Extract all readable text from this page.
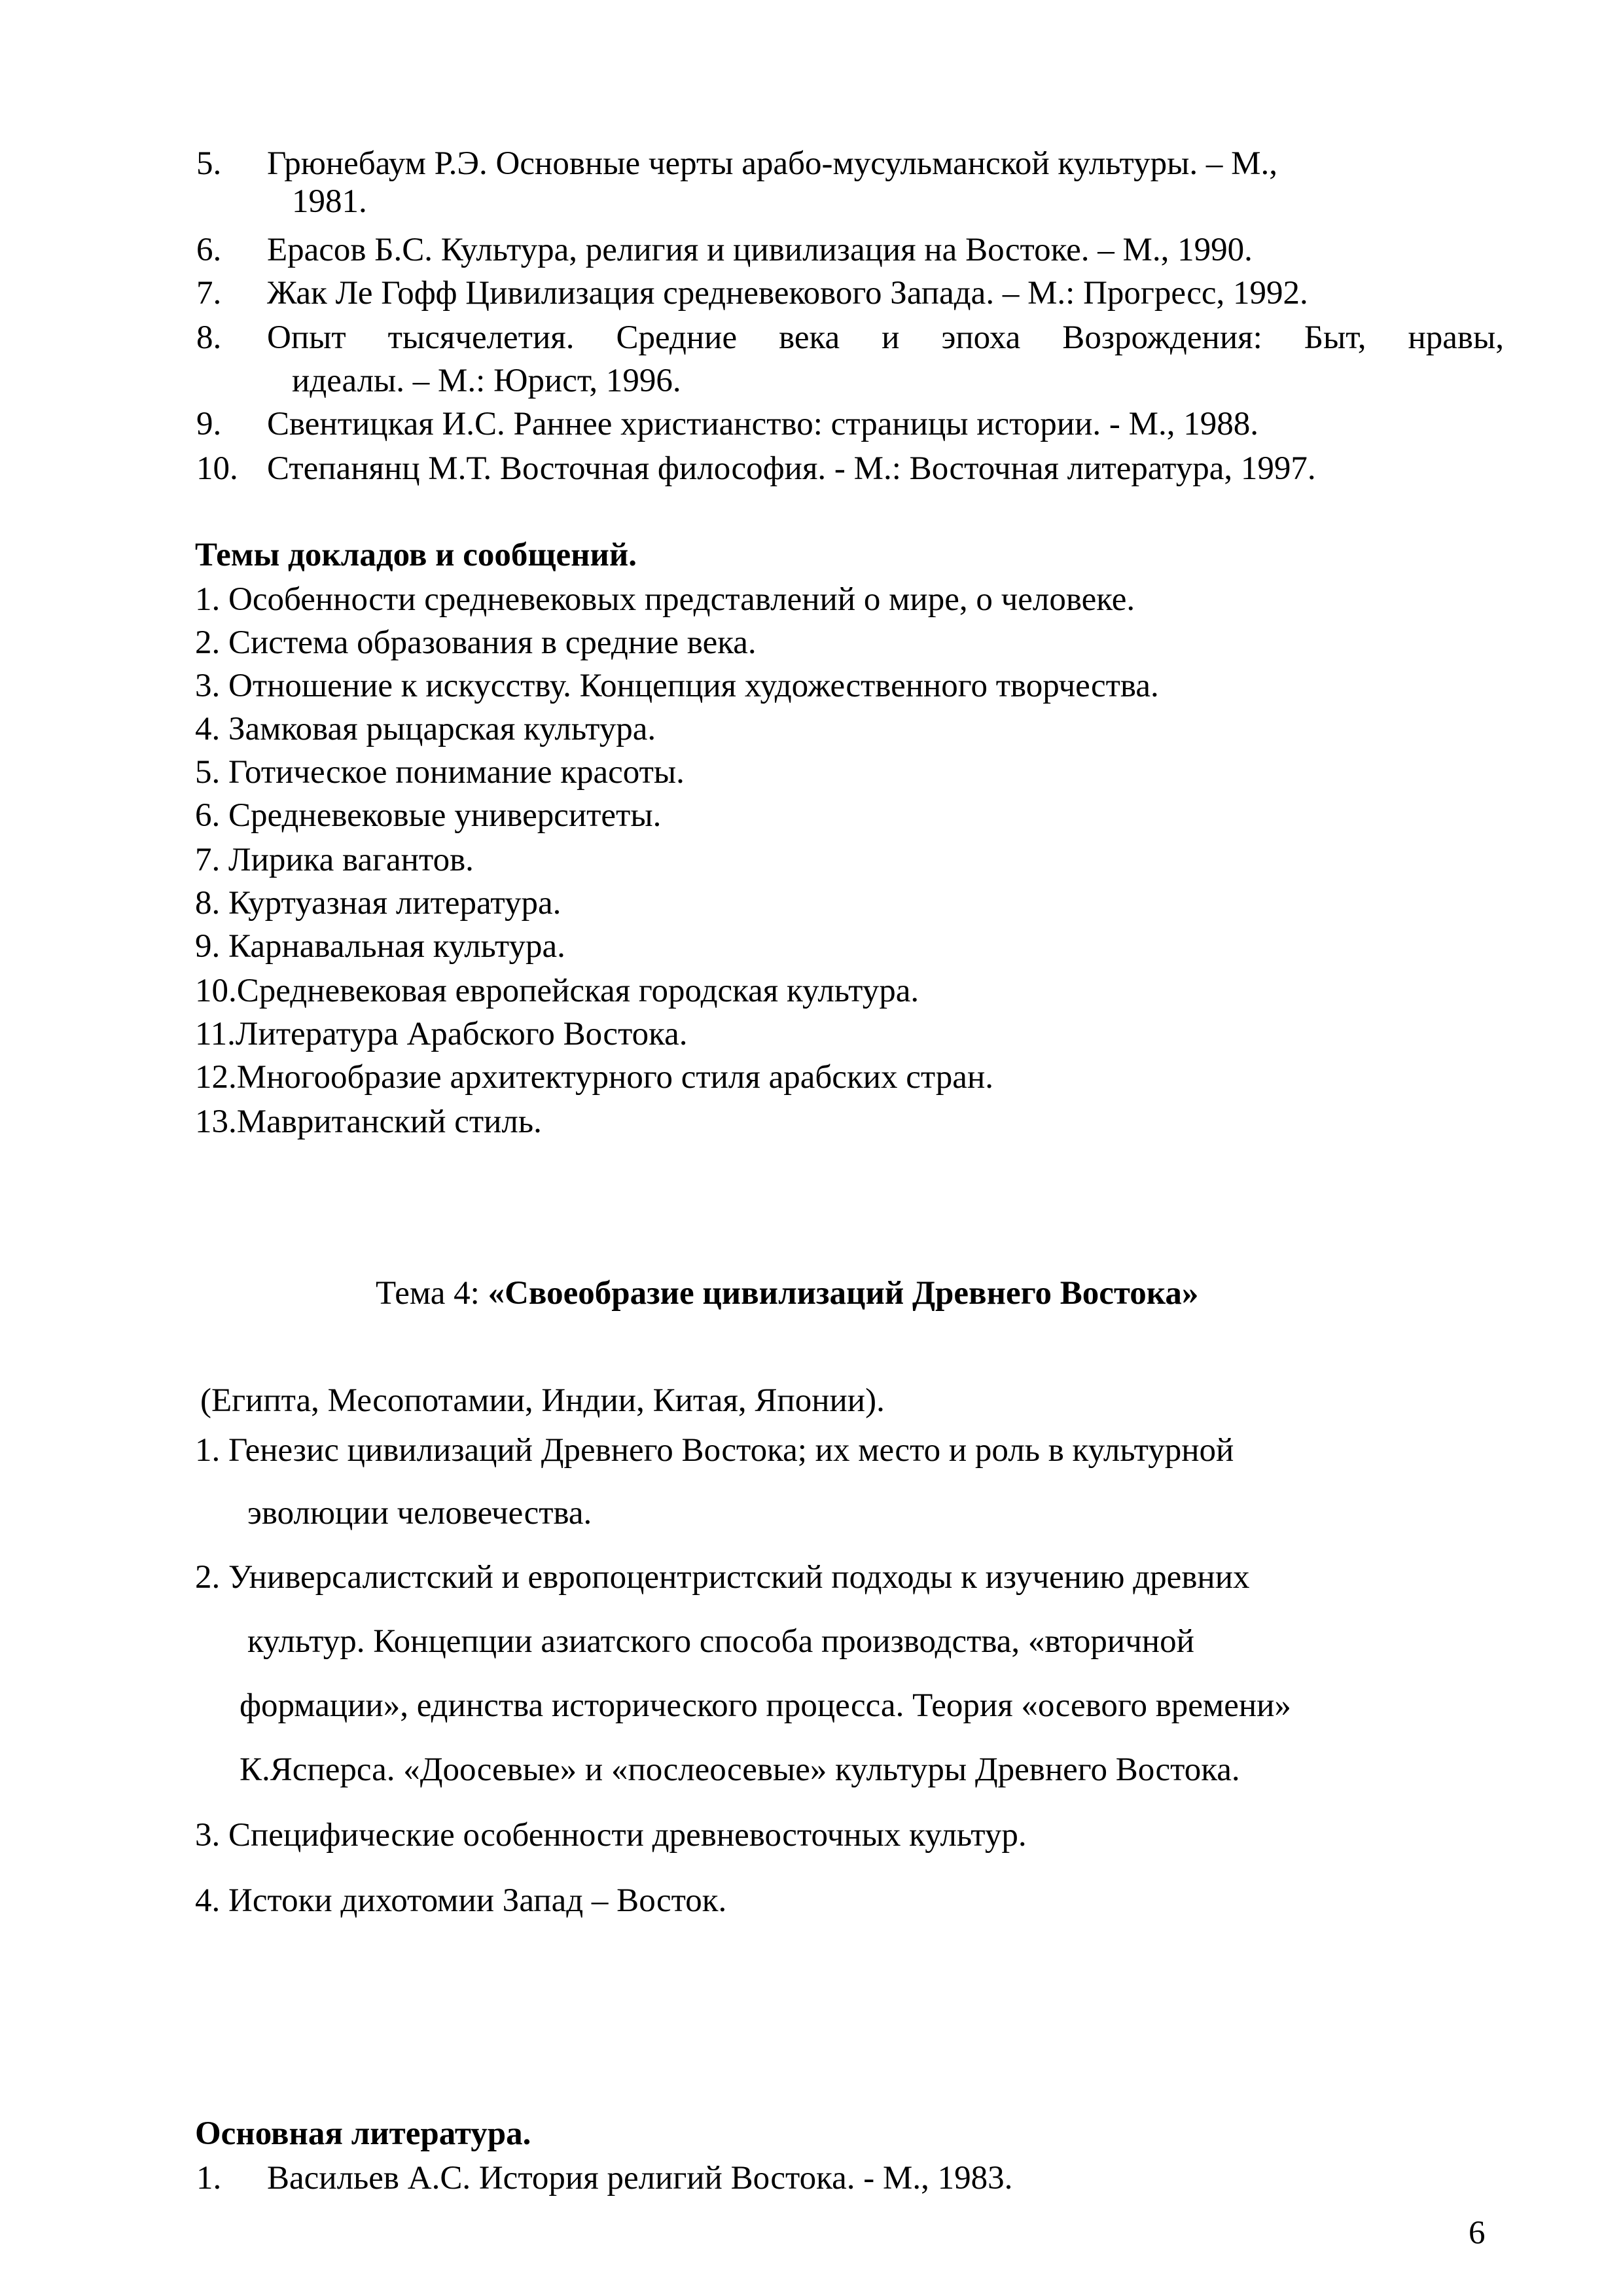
5. Грюнебаум Р.Э. Основные черты арабо-мусульманской культуры. – М.,
1981.
6. Ерасов Б.С. Культура, религия и цивилизация на Востоке. – М., 1990.
7. Жак Ле Гофф Цивилизация средневекового Запада. – М.: Прогресс, 1992.
8. Опыт тысячелетия. Средние века и эпоха Возрождения: Быт, нравы,
идеалы. – М.: Юрист, 1996.
9. Свентицкая И.С. Раннее христианство: страницы истории. - М., 1988.
10. Степанянц М.Т. Восточная философия. - М.: Восточная литература, 1997.
Темы докладов и сообщений.
1. Особенности средневековых представлений о мире, о человеке.
2. Система образования в средние века.
3. Отношение к искусству. Концепция художественного творчества.
4. Замковая рыцарская культура.
5. Готическое понимание красоты.
6. Средневековые университеты.
7. Лирика вагантов.
8. Куртуазная литература.
9. Карнавальная культура.
10.Средневековая европейская городская культура.
11.Литература Арабского Востока.
12.Многообразие архитектурного стиля арабских стран.
13.Мавританский стиль.
Тема 4: «Своеобразие цивилизаций Древнего Востока»
(Египта, Месопотамии, Индии, Китая, Японии).
1. Генезис цивилизаций Древнего Востока; их место и роль в культурной
эволюции человечества.
2. Универсалистский и европоцентристский подходы к изучению древних
культур. Концепции азиатского способа производства, «вторичной
формации», единства исторического процесса. Теория «осевого времени»
К.Ясперса. «Доосевые» и «послеосевые» культуры Древнего Востока.
3. Специфические особенности древневосточных культур.
4. Истоки дихотомии Запад – Восток.
Основная литература.
1. Васильев А.С. История религий Востока. - М., 1983.
6
